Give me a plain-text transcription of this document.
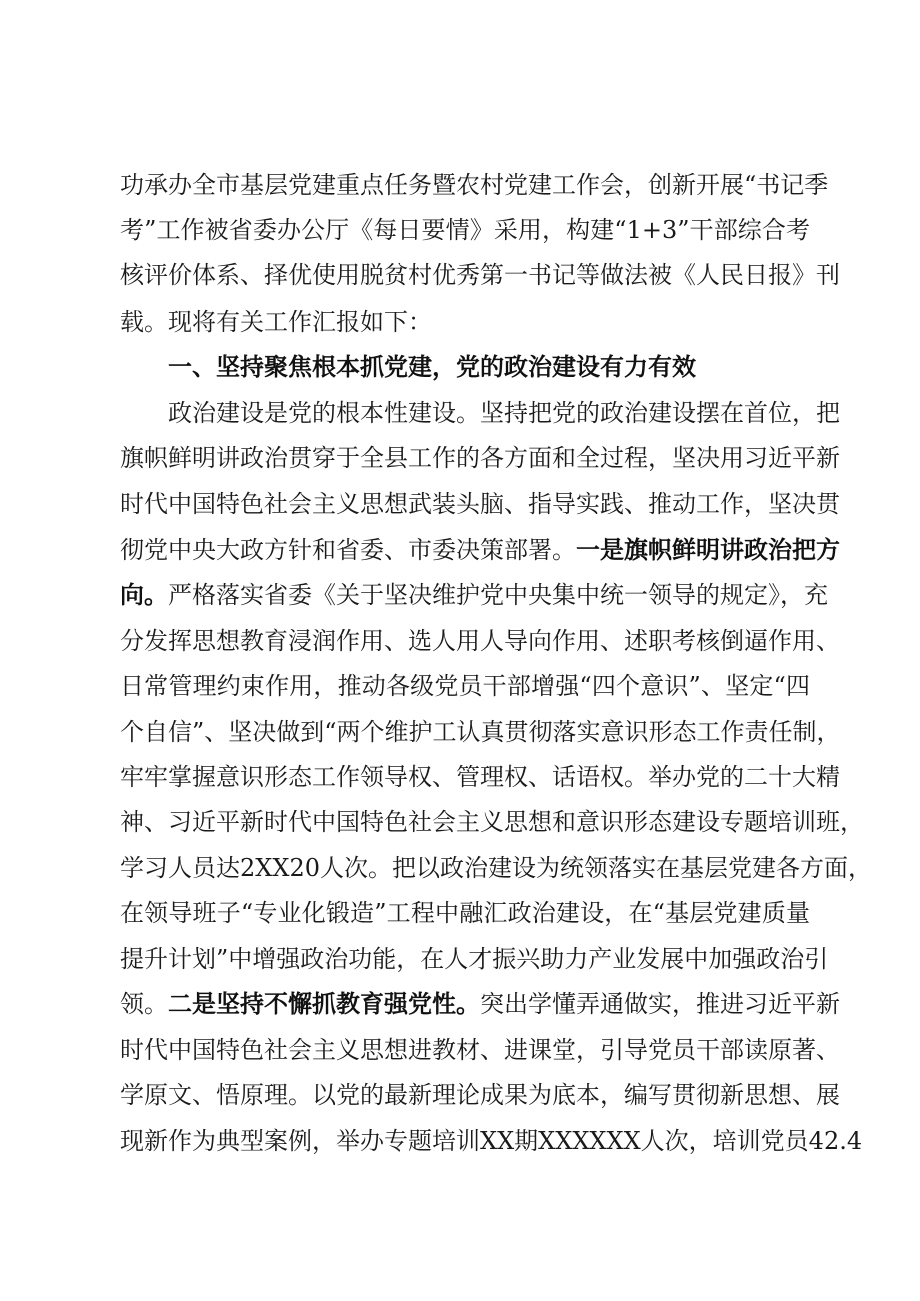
功承办全市基层党建重点任务暨农村党建工作会，创新开展“书记季
考”工作被省委办公厅《每日要情》采用，构建“1+3”干部综合考
核评价体系、择优使用脱贫村优秀第一书记等做法被《人民日报》刊
载。现将有关工作汇报如下：
一、坚持聚焦根本抓党建，党的政治建设有力有效
政治建设是党的根本性建设。坚持把党的政治建设摆在首位，把
旗帜鲜明讲政治贯穿于全县工作的各方面和全过程，坚决用习近平新
时代中国特色社会主义思想武装头脑、指导实践、推动工作，坚决贯
彻党中央大政方针和省委、市委决策部署。一是旗帜鲜明讲政治把方
向。严格落实省委《关于坚决维护党中央集中统一领导的规定》，充
分发挥思想教育浸润作用、选人用人导向作用、述职考核倒逼作用、
日常管理约束作用，推动各级党员干部增强“四个意识”、坚定“四
个自信”、坚决做到“两个维护工认真贯彻落实意识形态工作责任制，
牢牢掌握意识形态工作领导权、管理权、话语权。举办党的二十大精
神、习近平新时代中国特色社会主义思想和意识形态建设专题培训班，
学习人员达2XX20人次。把以政治建设为统领落实在基层党建各方面，
在领导班子“专业化锻造”工程中融汇政治建设，在“基层党建质量
提升计划”中增强政治功能，在人才振兴助力产业发展中加强政治引
领。二是坚持不懈抓教育强党性。突出学懂弄通做实，推进习近平新
时代中国特色社会主义思想进教材、进课堂，引导党员干部读原著、
学原文、悟原理。以党的最新理论成果为底本，编写贯彻新思想、展
现新作为典型案例，举办专题培训XX期XXXXXX人次，培训党员42.4
